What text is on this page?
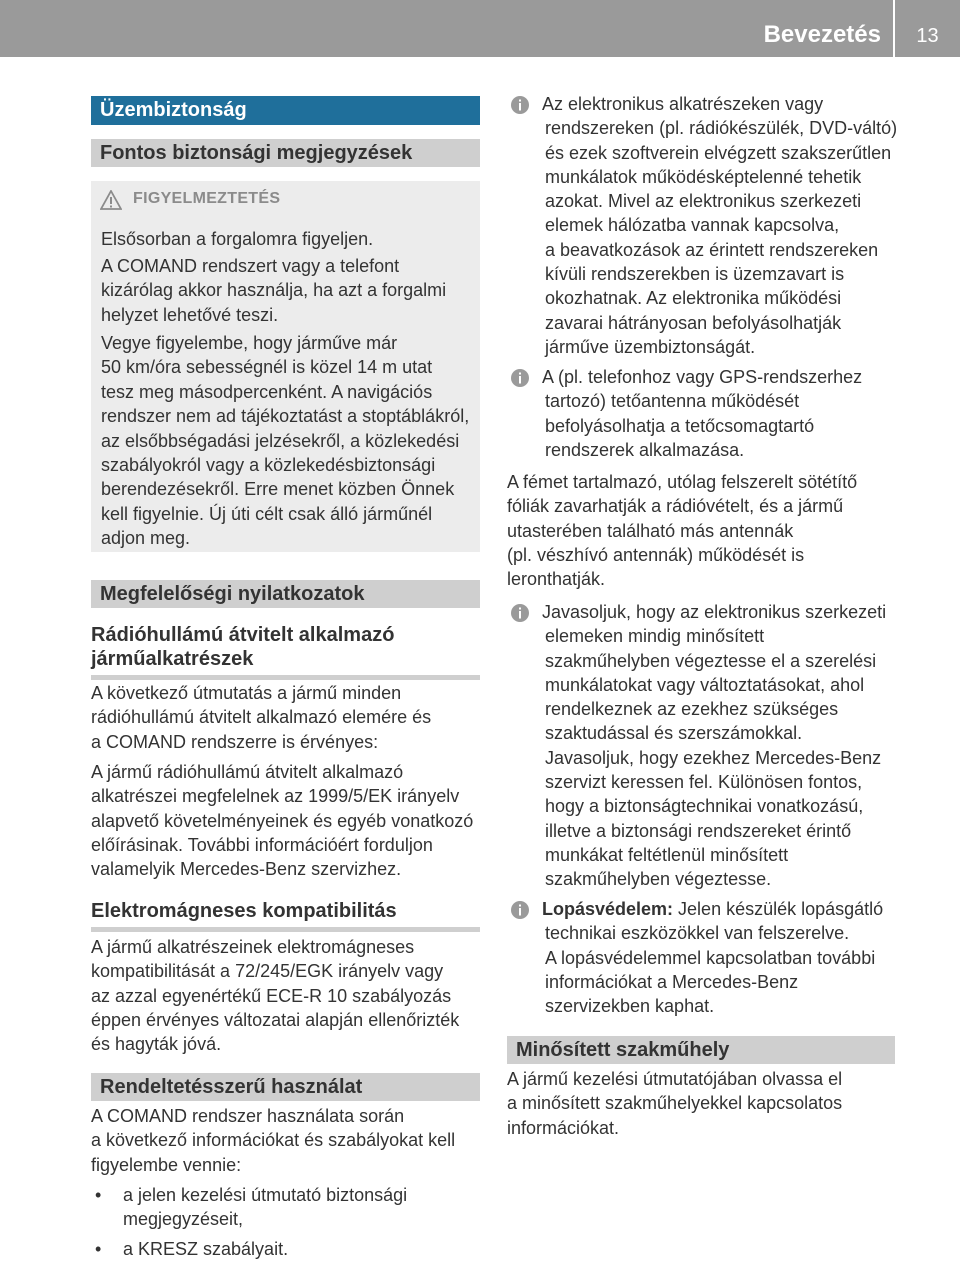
Bevezetés	13
Üzembiztonság
Fontos biztonsági megjegyzések
FIGYELMEZTETÉS
Elsősorban a forgalomra figyeljen.
A COMAND rendszert vagy a telefont
kizárólag akkor használja, ha azt a forgalmi
helyzet lehetővé teszi.
Vegye figyelembe, hogy járműve már
50 km/óra sebességnél is közel 14 m utat
tesz meg másodpercenként. A navigációs
rendszer nem ad tájékoztatást a stoptáblákról,
az elsőbbségadási jelzésekről, a közlekedési
szabályokról vagy a közlekedésbiztonsági
berendezésekről. Erre menet közben Önnek
kell figyelnie. Új úti célt csak álló járműnél
adjon meg.
Megfelelőségi nyilatkozatok
Rádióhullámú átvitelt alkalmazó
járműalkatrészek
A következő útmutatás a jármű minden
rádióhullámú átvitelt alkalmazó elemére és
a COMAND rendszerre is érvényes:
A jármű rádióhullámú átvitelt alkalmazó
alkatrészei megfelelnek az 1999/5/EK irányelv
alapvető követelményeinek és egyéb vonatkozó
előírásinak. További információért forduljon
valamelyik Mercedes-Benz szervizhez.
Elektromágneses kompatibilitás
A jármű alkatrészeinek elektromágneses
kompatibilitását a 72/245/EGK irányelv vagy
az azzal egyenértékű ECE-R 10 szabályozás
éppen érvényes változatai alapján ellenőrizték
és hagyták jóvá.
Rendeltetésszerű használat
A COMAND rendszer használata során
a következő információkat és szabályokat kell
figyelembe vennie:
• a jelen kezelési útmutató biztonsági
megjegyzéseit,
• a KRESZ szabályait.
Az elektronikus alkatrészeken vagy
rendszereken (pl. rádiókészülék, DVD-váltó)
és ezek szoftverein elvégzett szakszerűtlen
munkálatok működésképtelenné tehetik
azokat. Mivel az elektronikus szerkezeti
elemek hálózatba vannak kapcsolva,
a beavatkozások az érintett rendszereken
kívüli rendszerekben is üzemzavart is
okozhatnak. Az elektronika működési
zavarai hátrányosan befolyásolhatják
járműve üzembiztonságát.
A (pl. telefonhoz vagy GPS-rendszerhez
tartozó) tetőantenna működését
befolyásolhatja a tetőcsomagtartó
rendszerek alkalmazása.
A fémet tartalmazó, utólag felszerelt sötétítő
fóliák zavarhatják a rádióvételt, és a jármű
utasterében található más antennák
(pl. vészhívó antennák) működését is
leronthatják.
Javasoljuk, hogy az elektronikus szerkezeti
elemeken mindig minősített
szakműhelyben végeztesse el a szerelési
munkálatokat vagy változtatásokat, ahol
rendelkeznek az ezekhez szükséges
szaktudással és szerszámokkal.
Javasoljuk, hogy ezekhez Mercedes-Benz
szervizt keressen fel. Különösen fontos,
hogy a biztonságtechnikai vonatkozású,
illetve a biztonsági rendszereket érintő
munkákat feltétlenül minősített
szakműhelyben végeztesse.
Lopásvédelem: Jelen készülék lopásgátló
technikai eszközökkel van felszerelve.
A lopásvédelemmel kapcsolatban további
információkat a Mercedes-Benz
szervizekben kaphat.
Minősített szakműhely
A jármű kezelési útmutatójában olvassa el
a minősített szakműhelyekkel kapcsolatos
információkat.
